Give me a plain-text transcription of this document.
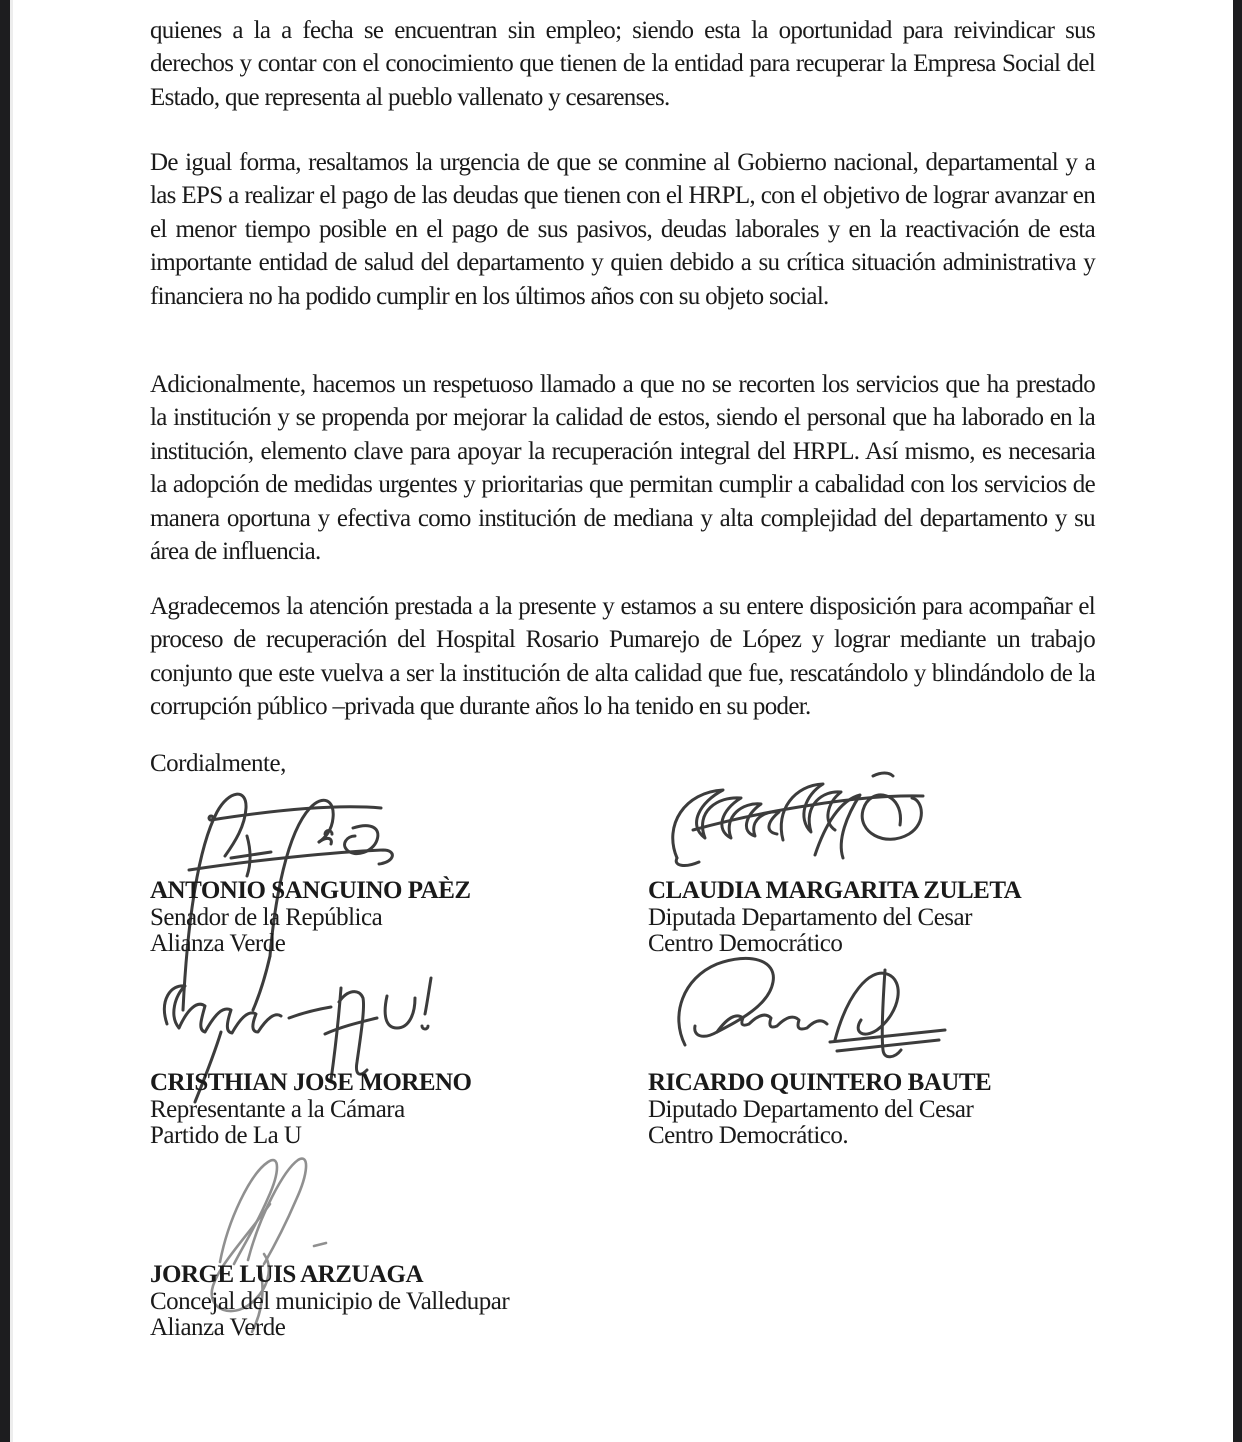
quienes a la a fecha se encuentran sin empleo; siendo esta la oportunidad para reivindicar sus derechos y contar con el conocimiento que tienen de la entidad para recuperar la Empresa Social del Estado, que representa al pueblo vallenato y cesarenses.

De igual forma, resaltamos la urgencia de que se conmine al Gobierno nacional, departamental y a las EPS a realizar el pago de las deudas que tienen con el HRPL, con el objetivo de lograr avanzar en el menor tiempo posible en el pago de sus pasivos, deudas laborales y en la reactivación de esta importante entidad de salud del departamento y quien debido a su crítica situación administrativa y financiera no ha podido cumplir en los últimos años con su objeto social.

Adicionalmente, hacemos un respetuoso llamado a que no se recorten los servicios que ha prestado la institución y se propenda por mejorar la calidad de estos, siendo el personal que ha laborado en la institución, elemento clave para apoyar la recuperación integral del HRPL. Así mismo, es necesaria la adopción de medidas urgentes y prioritarias que permitan cumplir a cabalidad con los servicios de manera oportuna y efectiva como institución de mediana y alta complejidad del departamento y su área de influencia.

Agradecemos la atención prestada a la presente y estamos a su entere disposición para acompañar el proceso de recuperación del Hospital Rosario Pumarejo de López y lograr mediante un trabajo conjunto que este vuelva a ser la institución de alta calidad que fue, rescatándolo y blindándolo de la corrupción público –privada que durante años lo ha tenido en su poder.

Cordialmente,

ANTONIO SANGUINO PAÈZ
Senador de la República
Alianza Verde
CLAUDIA MARGARITA ZULETA
Diputada Departamento del Cesar
Centro Democrático
CRISTHIAN JOSE MORENO
Representante a la Cámara
Partido de La U
RICARDO QUINTERO BAUTE
Diputado Departamento del Cesar
Centro Democrático.
JORGE LUIS ARZUAGA
Concejal del municipio de Valledupar
Alianza Verde
